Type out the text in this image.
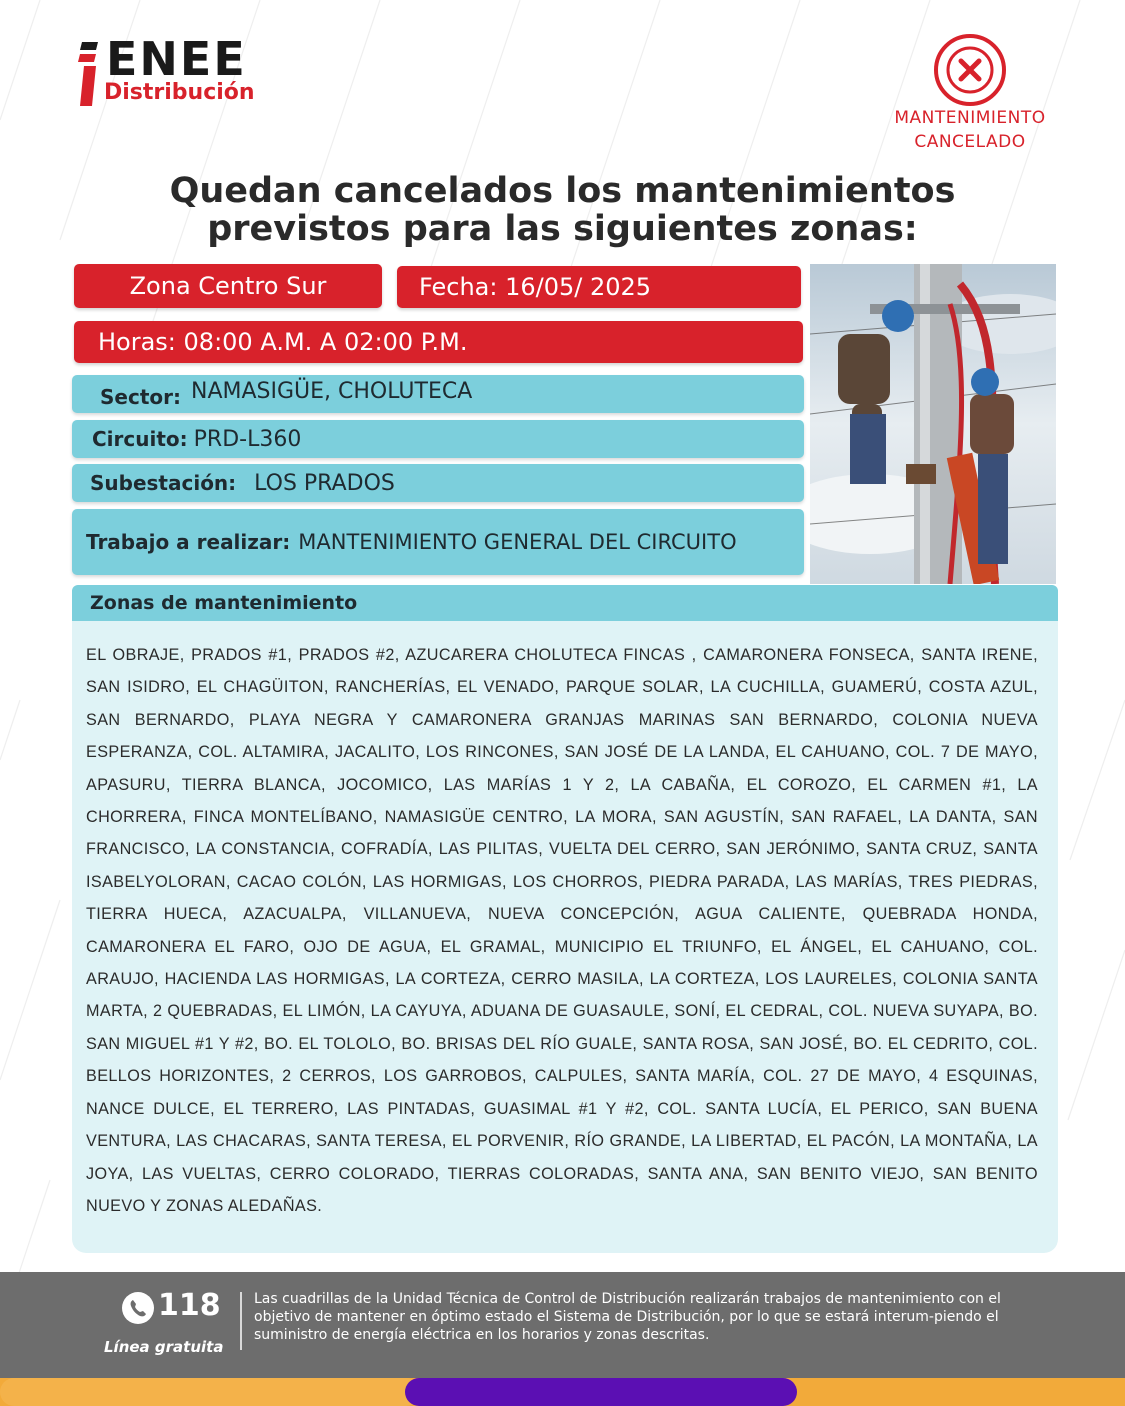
ENEE
Distribución
MANTENIMIENTO
CANCELADO
Quedan cancelados los mantenimientos
previstos para las siguientes zonas:
Zona Centro Sur	Fecha: 16/05/ 2025
Horas: 08:00 A.M. A 02:00 P.M.
Sector: NAMASIGÜE, CHOLUTECA
Circuito: PRD-L360
Subestación: LOS PRADOS
Trabajo a realizar: MANTENIMIENTO GENERAL DEL CIRCUITO
Zonas de mantenimiento

EL OBRAJE, PRADOS #1, PRADOS #2, AZUCARERA CHOLUTECA FINCAS , CAMARONERA FONSECA, SANTA IRENE, SAN ISIDRO, EL CHAGÜITON, RANCHERÍAS, EL VENADO, PARQUE SOLAR, LA CUCHILLA, GUAMERÚ, COSTA AZUL, SAN BERNARDO, PLAYA NEGRA Y CAMARONERA GRANJAS MARINAS SAN BERNARDO, COLONIA NUEVA ESPERANZA, COL. ALTAMIRA, JACALITO, LOS RINCONES, SAN JOSÉ DE LA LANDA, EL CAHUANO, COL. 7 DE MAYO, APASURU, TIERRA BLANCA, JOCOMICO, LAS MARÍAS 1 Y 2, LA CABAÑA, EL COROZO, EL CARMEN #1, LA CHORRERA, FINCA MONTELÍBANO, NAMASIGÜE CENTRO, LA MORA, SAN AGUSTÍN, SAN RAFAEL, LA DANTA, SAN FRANCISCO, LA CONSTANCIA, COFRADÍA, LAS PILITAS, VUELTA DEL CERRO, SAN JERÓNIMO, SANTA CRUZ, SANTA ISABELYOLORAN, CACAO COLÓN, LAS HORMIGAS, LOS CHORROS, PIEDRA PARADA, LAS MARÍAS, TRES PIEDRAS, TIERRA HUECA, AZACUALPA, VILLANUEVA, NUEVA CONCEPCIÓN, AGUA CALIENTE, QUEBRADA HONDA, CAMARONERA EL FARO, OJO DE AGUA, EL GRAMAL, MUNICIPIO EL TRIUNFO, EL ÁNGEL, EL CAHUANO, COL. ARAUJO, HACIENDA LAS HORMIGAS, LA CORTEZA, CERRO MASILA, LA CORTEZA, LOS LAURELES, COLONIA SANTA MARTA, 2 QUEBRADAS, EL LIMÓN, LA CAYUYA, ADUANA DE GUASAULE, SONÍ, EL CEDRAL, COL. NUEVA SUYAPA, BO. SAN MIGUEL #1 Y #2, BO. EL TOLOLO, BO. BRISAS DEL RÍO GUALE, SANTA ROSA, SAN JOSÉ, BO. EL CEDRITO, COL. BELLOS HORIZONTES, 2 CERROS, LOS GARROBOS, CALPULES, SANTA MARÍA, COL. 27 DE MAYO, 4 ESQUINAS, NANCE DULCE, EL TERRERO, LAS PINTADAS, GUASIMAL #1 Y #2, COL. SANTA LUCÍA, EL PERICO, SAN BUENA VENTURA, LAS CHACARAS, SANTA TERESA, EL PORVENIR, RÍO GRANDE, LA LIBERTAD, EL PACÓN, LA MONTAÑA, LA JOYA, LAS VUELTAS, CERRO COLORADO, TIERRAS COLORADAS, SANTA ANA, SAN BENITO VIEJO, SAN BENITO NUEVO Y ZONAS ALEDAÑAS.

118
Línea gratuita
Las cuadrillas de la Unidad Técnica de Control de Distribución realizarán trabajos de mantenimiento con el objetivo de mantener en óptimo estado el Sistema de Distribución, por lo que se estará interum-piendo el suministro de energía eléctrica en los horarios y zonas descritas.
